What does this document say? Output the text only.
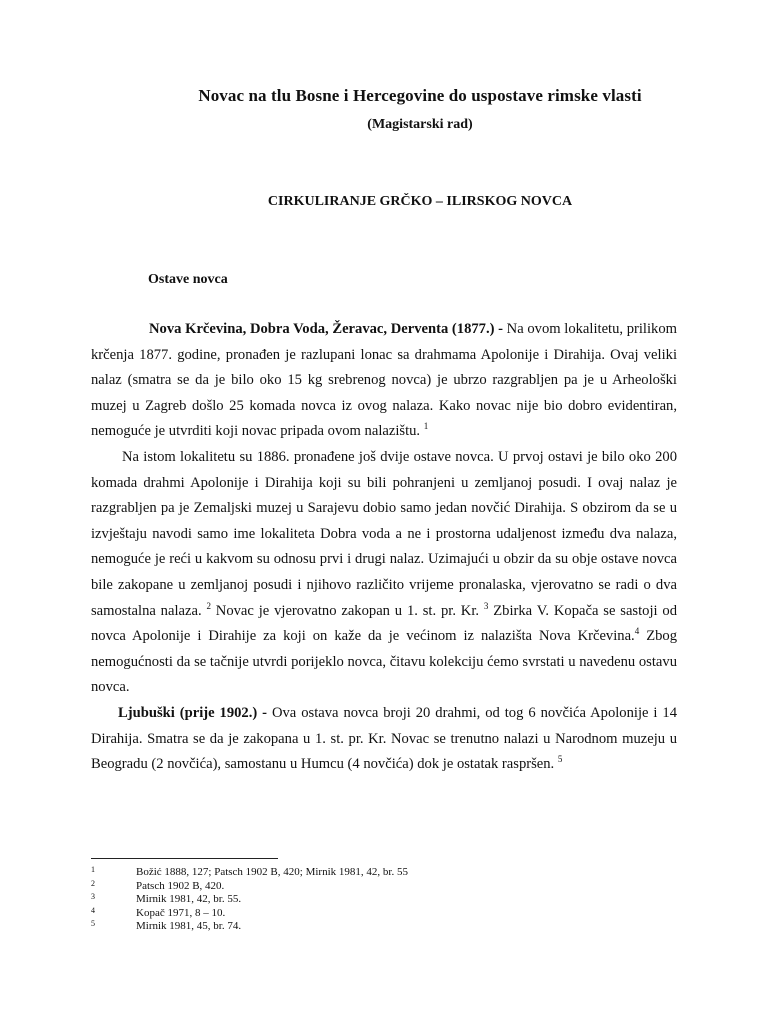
Novac na tlu Bosne i Hercegovine do uspostave rimske vlasti
(Magistarski rad)
CIRKULIRANJE GRČKO – ILIRSKOG NOVCA
Ostave novca

Nova Krčevina, Dobra Voda, Žeravac, Derventa (1877.) - Na ovom lokalitetu, prilikom krčenja 1877. godine, pronađen je razlupani lonac sa drahmama Apolonije i Dirahija. Ovaj veliki nalaz (smatra se da je bilo oko 15 kg srebrenog novca) je ubrzo razgrabljen pa je u Arheološki muzej u Zagreb došlo 25 komada novca iz ovog nalaza. Kako novac nije bio dobro evidentiran, nemoguće je utvrditi koji novac pripada ovom nalazištu. $^1$

Na istom lokalitetu su 1886. pronađene još dvije ostave novca. U prvoj ostavi je bilo oko 200 komada drahmi Apolonije i Dirahija koji su bili pohranjeni u zemljanoj posudi. I ovaj nalaz je razgrabljen pa je Zemaljski muzej u Sarajevu dobio samo jedan novčić Dirahija. S obzirom da se u izvještaju navodi samo ime lokaliteta Dobra voda a ne i prostorna udaljenost između dva nalaza, nemoguće je reći u kakvom su odnosu prvi i drugi nalaz. Uzimajući u obzir da su obje ostave novca bile zakopane u zemljanoj posudi i njihovo različito vrijeme pronalaska, vjerovatno se radi o dva samostalna nalaza. $^2$ Novac je vjerovatno zakopan u 1. st. pr. Kr. $^3$ Zbirka V. Kopača se sastoji od novca Apolonije i Dirahije za koji on kaže da je većinom iz nalazišta Nova Krčevina.$^4$ Zbog nemogućnosti da se tačnije utvrdi porijeklo novca, čitavu kolekciju ćemo svrstati u navedenu ostavu novca.

Ljubuški (prije 1902.) - Ova ostava novca broji 20 drahmi, od tog 6 novčića Apolonije i 14 Dirahija. Smatra se da je zakopana u 1. st. pr. Kr. Novac se trenutno nalazi u Narodnom muzeju u Beogradu (2 novčića), samostanu u Humcu (4 novčića) dok je ostatak raspršen. $^5$

1	Božić 1888, 127; Patsch 1902 B, 420; Mirnik 1981, 42, br. 55
2	Patsch 1902 B, 420.
3	Mirnik 1981, 42, br. 55.
4	Kopač 1971, 8 – 10.
5	Mirnik 1981, 45, br. 74.
